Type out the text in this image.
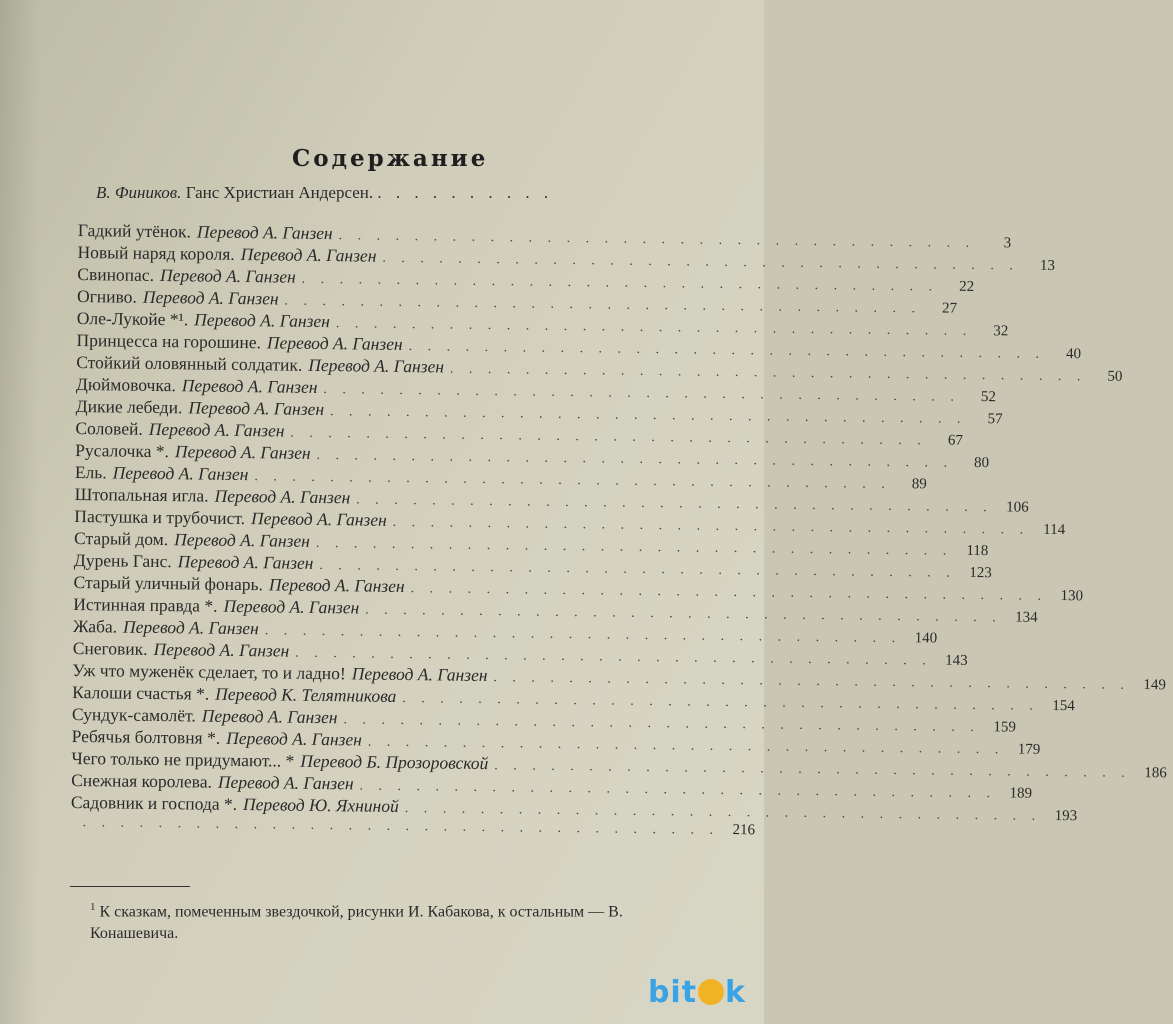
Содержание
В. Фиников. Ганс Христиан Андерсен. . . . . . . . . . .
Гадкий утёнок. Перевод А. Ганзен . . . . . . . . . . . . . . . . . . . . . . . . . . . . . . . . . .	3
Новый наряд короля. Перевод А. Ганзен . . . . . . . . . . . . . . . . . . . . . . . . . . . . . . . . . .	13
Свинопас. Перевод А. Ганзен . . . . . . . . . . . . . . . . . . . . . . . . . . . . . . . . . .	22
Огниво. Перевод А. Ганзен . . . . . . . . . . . . . . . . . . . . . . . . . . . . . . . . . .	27
Оле-Лукойе *¹. Перевод А. Ганзен . . . . . . . . . . . . . . . . . . . . . . . . . . . . . . . . . .	32
Принцесса на горошине. Перевод А. Ганзен . . . . . . . . . . . . . . . . . . . . . . . . . . . . . . . . . .	40
Стойкий оловянный солдатик. Перевод А. Ганзен . . . . . . . . . . . . . . . . . . . . . . . . . . . . . . . . . .	50
Дюймовочка. Перевод А. Ганзен . . . . . . . . . . . . . . . . . . . . . . . . . . . . . . . . . .	52
Дикие лебеди. Перевод А. Ганзен . . . . . . . . . . . . . . . . . . . . . . . . . . . . . . . . . .	57
Соловей. Перевод А. Ганзен . . . . . . . . . . . . . . . . . . . . . . . . . . . . . . . . . .	67
Русалочка *. Перевод А. Ганзен . . . . . . . . . . . . . . . . . . . . . . . . . . . . . . . . . .	80
Ель. Перевод А. Ганзен . . . . . . . . . . . . . . . . . . . . . . . . . . . . . . . . . .	89
Штопальная игла. Перевод А. Ганзен . . . . . . . . . . . . . . . . . . . . . . . . . . . . . . . . . . 106
Пастушка и трубочист. Перевод А. Ганзен . . . . . . . . . . . . . . . . . . . . . . . . . . . . . . . . . . 114
Старый дом. Перевод А. Ганзен . . . . . . . . . . . . . . . . . . . . . . . . . . . . . . . . . . 118
Дурень Ганс. Перевод А. Ганзен . . . . . . . . . . . . . . . . . . . . . . . . . . . . . . . . . . 123
Старый уличный фонарь. Перевод А. Ганзен . . . . . . . . . . . . . . . . . . . . . . . . . . . . . . . . . . 130
Истинная правда *. Перевод А. Ганзен . . . . . . . . . . . . . . . . . . . . . . . . . . . . . . . . . . 134
Жаба. Перевод А. Ганзен . . . . . . . . . . . . . . . . . . . . . . . . . . . . . . . . . . 140
Снеговик. Перевод А. Ганзен . . . . . . . . . . . . . . . . . . . . . . . . . . . . . . . . . . 143
Уж что муженёк сделает, то и ладно! Перевод А. Ганзен . . . . . . . . . . . . . . . . . . . . . . . . . . . . . . . . . . 149
Калоши счастья *. Перевод К. Телятникова . . . . . . . . . . . . . . . . . . . . . . . . . . . . . . . . . . 154
Сундук-самолёт. Перевод А. Ганзен . . . . . . . . . . . . . . . . . . . . . . . . . . . . . . . . . . 159
Ребячья болтовня *. Перевод А. Ганзен . . . . . . . . . . . . . . . . . . . . . . . . . . . . . . . . . . 179
Чего только не придумают... * Перевод Б. Прозоровской . . . . . . . . . . . . . . . . . . . . . . . . . . . . . . . . . . 186
Снежная королева. Перевод А. Ганзен . . . . . . . . . . . . . . . . . . . . . . . . . . . . . . . . . . 189
Садовник и господа *. Перевод Ю. Яхниной . . . . . . . . . . . . . . . . . . . . . . . . . . . . . . . . . . 193
. . . . . . . . . . . . . . . . . . . . . . . . . . . . . . . . . . 216
$^1$ К сказкам, помеченным звездочкой, рисунки И. Кабакова, к остальным — В. Конашевича.
bit k
